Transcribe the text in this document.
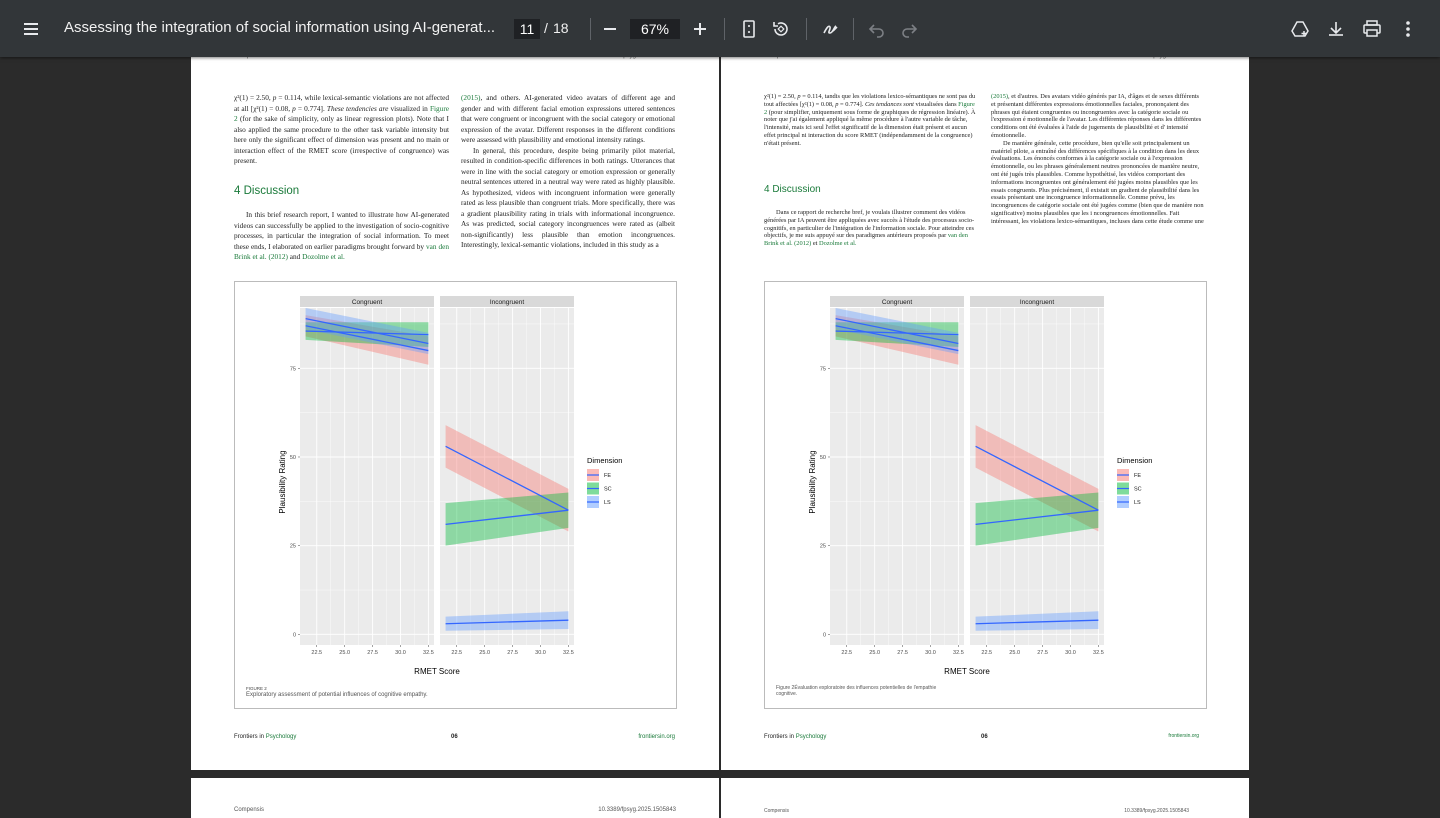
Assessing the integration of social information using AI-generat...	11 / 18	67%

χ²(1) = 2.50, p = 0.114, while lexical-semantic violations are not affected at all [χ²(1) = 0.08, p = 0.774]. These tendencies are visualized in Figure 2 (for the sake of simplicity, only as linear regression plots). Note that I also applied the same procedure to the other task variable intensity but here only the significant effect of dimension was present and no main or interaction effect of the RMET score (irrespective of congruence) was present.

4 Discussion

In this brief research report, I wanted to illustrate how AI-generated videos can successfully be applied to the investigation of socio-cognitive processes, in particular the integration of social information. To meet these ends, I elaborated on earlier paradigms brought forward by van den Brink et al. (2012) and Dozolme et al.

(2015), and others. AI-generated video avatars of different age and gender and with different facial emotion expressions uttered sentences that were congruent or incongruent with the social category or emotional expression of the avatar. Different responses in the different conditions were assessed with plausibility and emotional intensity ratings.

In general, this procedure, despite being primarily pilot material, resulted in condition-specific differences in both ratings. Utterances that were in line with the social category or emotion expression or generally neutral sentences uttered in a neutral way were rated as highly plausible. As hypothesized, videos with incongruent information were generally rated as less plausible than congruent trials. More specifically, there was a gradient plausibility rating in trials with informational incongruence. As was predicted, social category incongruences were rated as (albeit non-significantly) less plausible than emotion incongruences. Interestingly, lexical-semantic violations, included in this study as a

Congruent
22.5	25.0	27.5	30.0	32.5
0
25
50
75
Incongruent
22.5	25.0	27.5	30.0	32.5
RMET Score
Plausibility Rating	Dimension
FE
SC
LS
FIGURE 2
Exploratory assessment of potential influences of cognitive empathy.
Frontiers in Psychology	06	frontiersin.org

χ²(1) = 2.50, p = 0.114, tandis que les violations lexico-sémantiques ne sont pas du tout affectées [χ²(1) = 0.08, p = 0.774]. Ces tendances sont visualisées dans Figure 2 (pour simplifier, uniquement sous forme de graphiques de régression linéaire). À noter que j'ai également appliqué la même procédure à l'autre variable de tâche, l'intensité, mais ici seul l'effet significatif de la dimension était présent et aucun effet principal ni interaction du score RMET (indépendamment de la congruence) n'était présent.

4 Discussion

Dans ce rapport de recherche bref, je voulais illustrer comment des vidéos générées par IA peuvent être appliquées avec succès à l'étude des processus socio-cognitifs, en particulier de l'intégration de l'information sociale. Pour atteindre ces objectifs, je me suis appuyé sur des paradigmes antérieurs proposés par van den Brink et al. (2012) et Dozolme et al.

(2015), et d'autres. Des avatars vidéo générés par IA, d'âges et de sexes différents et présentant différentes expressions émotionnelles faciales, prononçaient des phrases qui étaient congruentes ou incongruentes avec la catégorie sociale ou l'expression é motionnelle de l'avatar. Les différentes réponses dans les différentes conditions ont été évaluées à l'aide de jugements de plausibilité et d' intensité émotionnelle.

De manière générale, cette procédure, bien qu'elle soit principalement un matériel pilote, a entraîné des différences spécifiques à la condition dans les deux évaluations. Les énoncés conformes à la catégorie sociale ou à l'expression émotionnelle, ou les phrases généralement neutres prononcées de manière neutre, ont été jugés très plausibles. Comme hypothétisé, les vidéos comportant des informations incongruentes ont généralement été jugées moins plausibles que les essais congruents. Plus précisément, il existait un gradient de plausibilité dans les essais présentant une incongruence informationnelle. Comme prévu, les incongruences de catégorie sociale ont été jugées comme (bien que de manière non significative) moins plausibles que les i ncongruences émotionnelles. Fait intéressant, les violations lexico-sémantiques, incluses dans cette étude comme une

Congruent
22.5	25.0	27.5	30.0	32.5
0
25
50
75
Incongruent
22.5	25.0	27.5	30.0	32.5
RMET Score
Plausibility Rating	Dimension
FE
SC
LS
Figure 2Évaluation exploratoire des influences potentielles de l'empathie cognitive.
Frontiers in Psychology	06	frontiersin.org
Compensis	10.3389/fpsyg.2025.1505843	Compensis	10.3389/fpsyg.2025.1505843
